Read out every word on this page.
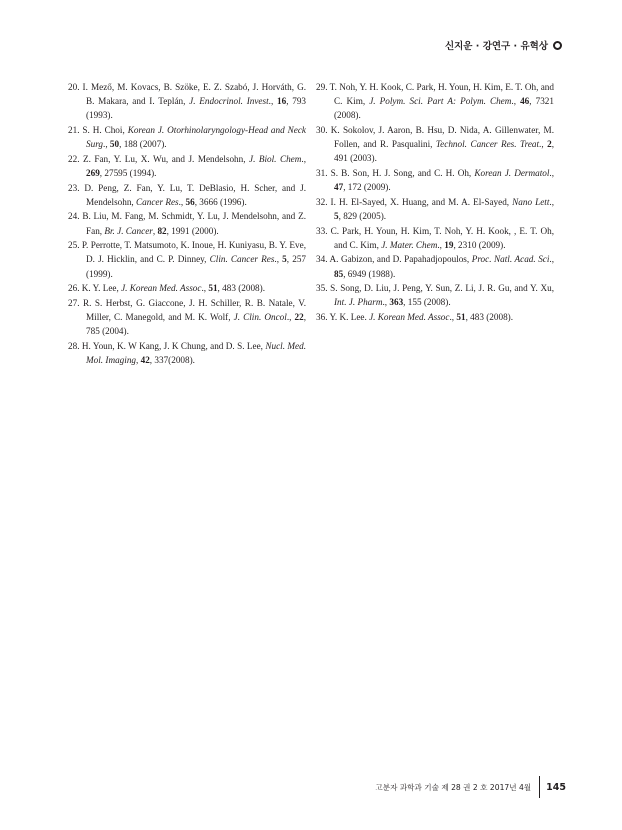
신지운 · 강연구 · 유혁상
20. I. Mező, M. Kovacs, B. Szöke, E. Z. Szabó, J. Horváth, G. B. Makara, and I. Teplán, J. Endocrinol. Invest., 16, 793 (1993).
21. S. H. Choi, Korean J. Otorhinolaryngology-Head and Neck Surg., 50, 188 (2007).
22. Z. Fan, Y. Lu, X. Wu, and J. Mendelsohn, J. Biol. Chem., 269, 27595 (1994).
23. D. Peng, Z. Fan, Y. Lu, T. DeBlasio, H. Scher, and J. Mendelsohn, Cancer Res., 56, 3666 (1996).
24. B. Liu, M. Fang, M. Schmidt, Y. Lu, J. Mendelsohn, and Z. Fan, Br. J. Cancer, 82, 1991 (2000).
25. P. Perrotte, T. Matsumoto, K. Inoue, H. Kuniyasu, B. Y. Eve, D. J. Hicklin, and C. P. Dinney, Clin. Cancer Res., 5, 257 (1999).
26. K. Y. Lee, J. Korean Med. Assoc., 51, 483 (2008).
27. R. S. Herbst, G. Giaccone, J. H. Schiller, R. B. Natale, V. Miller, C. Manegold, and M. K. Wolf, J. Clin. Oncol., 22, 785 (2004).
28. H. Youn, K. W Kang, J. K Chung, and D. S. Lee, Nucl. Med. Mol. Imaging, 42, 337(2008).
29. T. Noh, Y. H. Kook, C. Park, H. Youn, H. Kim, E. T. Oh, and C. Kim, J. Polym. Sci. Part A: Polym. Chem., 46, 7321 (2008).
30. K. Sokolov, J. Aaron, B. Hsu, D. Nida, A. Gillenwater, M. Follen, and R. Pasqualini, Technol. Cancer Res. Treat., 2, 491 (2003).
31. S. B. Son, H. J. Song, and C. H. Oh, Korean J. Dermatol., 47, 172 (2009).
32. I. H. El-Sayed, X. Huang, and M. A. El-Sayed, Nano Lett., 5, 829 (2005).
33. C. Park, H. Youn, H. Kim, T. Noh, Y. H. Kook, , E. T. Oh, and C. Kim, J. Mater. Chem., 19, 2310 (2009).
34. A. Gabizon, and D. Papahadjopoulos, Proc. Natl. Acad. Sci., 85, 6949 (1988).
35. S. Song, D. Liu, J. Peng, Y. Sun, Z. Li, J. R. Gu, and Y. Xu, Int. J. Pharm., 363, 155 (2008).
36. Y. K. Lee. J. Korean Med. Assoc., 51, 483 (2008).
고분자 과학과 기술 제 28 권 2 호 2017년 4월 145
